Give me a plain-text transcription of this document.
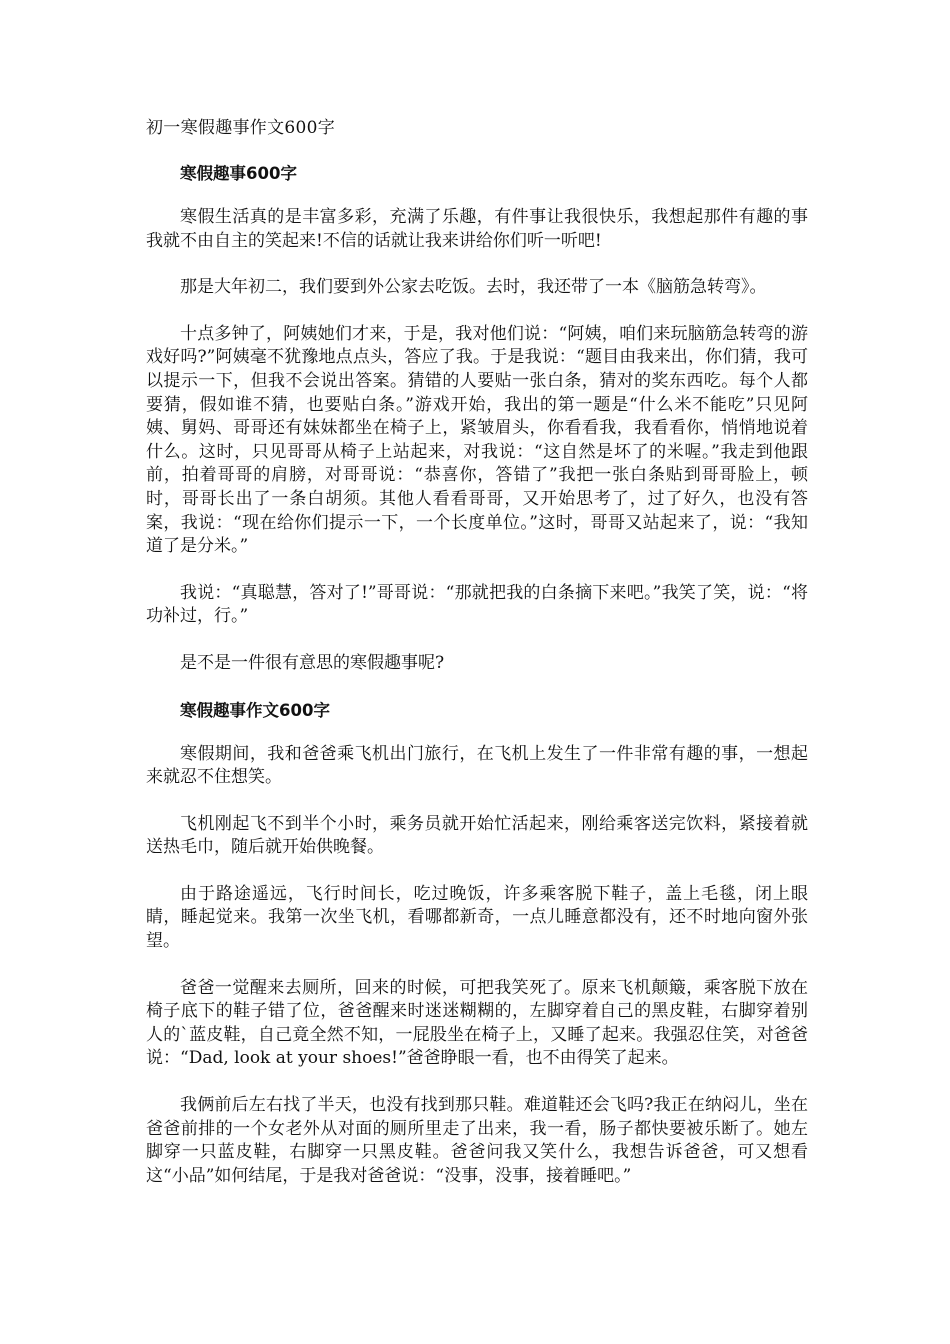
初一寒假趣事作文600字
寒假趣事600字

寒假生活真的是丰富多彩，充满了乐趣，有件事让我很快乐，我想起那件有趣的事我就不由自主的笑起来!不信的话就让我来讲给你们听一听吧!

那是大年初二，我们要到外公家去吃饭。去时，我还带了一本《脑筋急转弯》。

十点多钟了，阿姨她们才来，于是，我对他们说：“阿姨，咱们来玩脑筋急转弯的游戏好吗?”阿姨毫不犹豫地点点头，答应了我。于是我说：“题目由我来出，你们猜，我可以提示一下，但我不会说出答案。猜错的人要贴一张白条，猜对的奖东西吃。每个人都要猜，假如谁不猜，也要贴白条。”游戏开始，我出的第一题是“什么米不能吃”只见阿姨、舅妈、哥哥还有妹妹都坐在椅子上，紧皱眉头，你看看我，我看看你，悄悄地说着什么。这时，只见哥哥从椅子上站起来，对我说：“这自然是坏了的米喔。”我走到他跟前，拍着哥哥的肩膀，对哥哥说：“恭喜你，答错了”我把一张白条贴到哥哥脸上，顿时，哥哥长出了一条白胡须。其他人看看哥哥，又开始思考了，过了好久，也没有答案，我说：“现在给你们提示一下，一个长度单位。”这时，哥哥又站起来了，说：“我知道了是分米。”

我说：“真聪慧，答对了!”哥哥说：“那就把我的白条摘下来吧。”我笑了笑，说：“将功补过，行。”

是不是一件很有意思的寒假趣事呢?

寒假趣事作文600字

寒假期间，我和爸爸乘飞机出门旅行，在飞机上发生了一件非常有趣的事，一想起来就忍不住想笑。

飞机刚起飞不到半个小时，乘务员就开始忙活起来，刚给乘客送完饮料，紧接着就送热毛巾，随后就开始供晚餐。

由于路途遥远，飞行时间长，吃过晚饭，许多乘客脱下鞋子，盖上毛毯，闭上眼睛，睡起觉来。我第一次坐飞机，看哪都新奇，一点儿睡意都没有，还不时地向窗外张望。

爸爸一觉醒来去厕所，回来的时候，可把我笑死了。原来飞机颠簸，乘客脱下放在椅子底下的鞋子错了位，爸爸醒来时迷迷糊糊的，左脚穿着自己的黑皮鞋，右脚穿着别人的`蓝皮鞋，自己竟全然不知，一屁股坐在椅子上，又睡了起来。我强忍住笑，对爸爸说：“Dad, look at your shoes!”爸爸睁眼一看，也不由得笑了起来。

我俩前后左右找了半天，也没有找到那只鞋。难道鞋还会飞吗?我正在纳闷儿，坐在爸爸前排的一个女老外从对面的厕所里走了出来，我一看，肠子都快要被乐断了。她左脚穿一只蓝皮鞋，右脚穿一只黑皮鞋。爸爸问我又笑什么，我想告诉爸爸，可又想看这“小品”如何结尾，于是我对爸爸说：“没事，没事，接着睡吧。”
